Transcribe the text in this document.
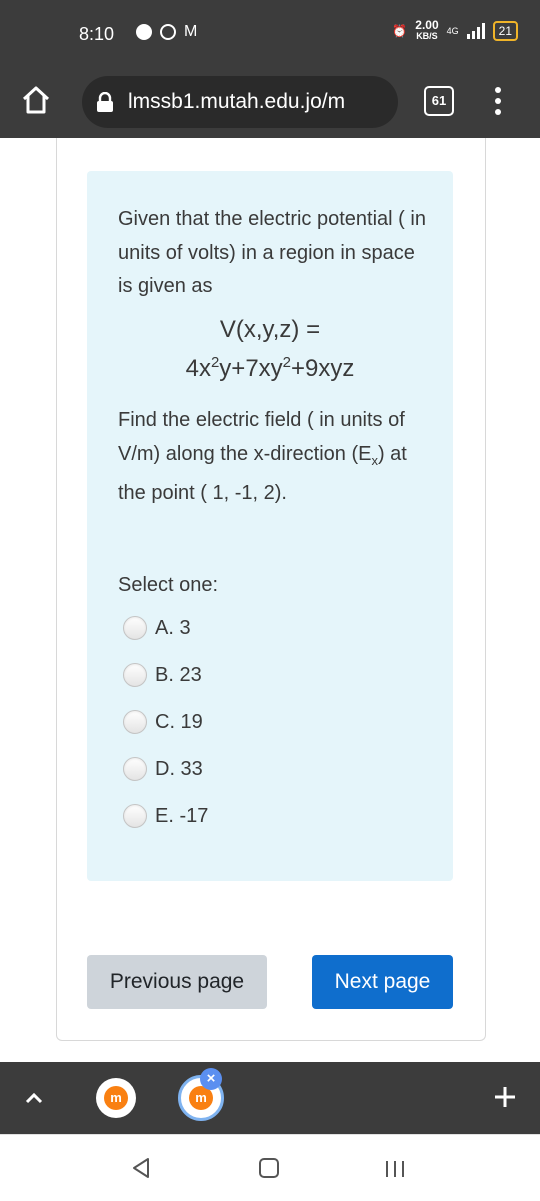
8:10	M	⏰ 2.00
KB/S 4G	21
lmssb1.mutah.edu.jo/m	61
Given that the electric potential ( in units of volts) in a region in space is given as
V(x,y,z) =
$4x^2y+7xy^2+9xyz$
Find the electric field ( in units of V/m) along the x-direction $(E_x)$ at the point ( 1, -1, 2).
Select one:
A. 3
B. 23
C. 19
D. 33
E. -17
Previous page	Next page
m	m
×
